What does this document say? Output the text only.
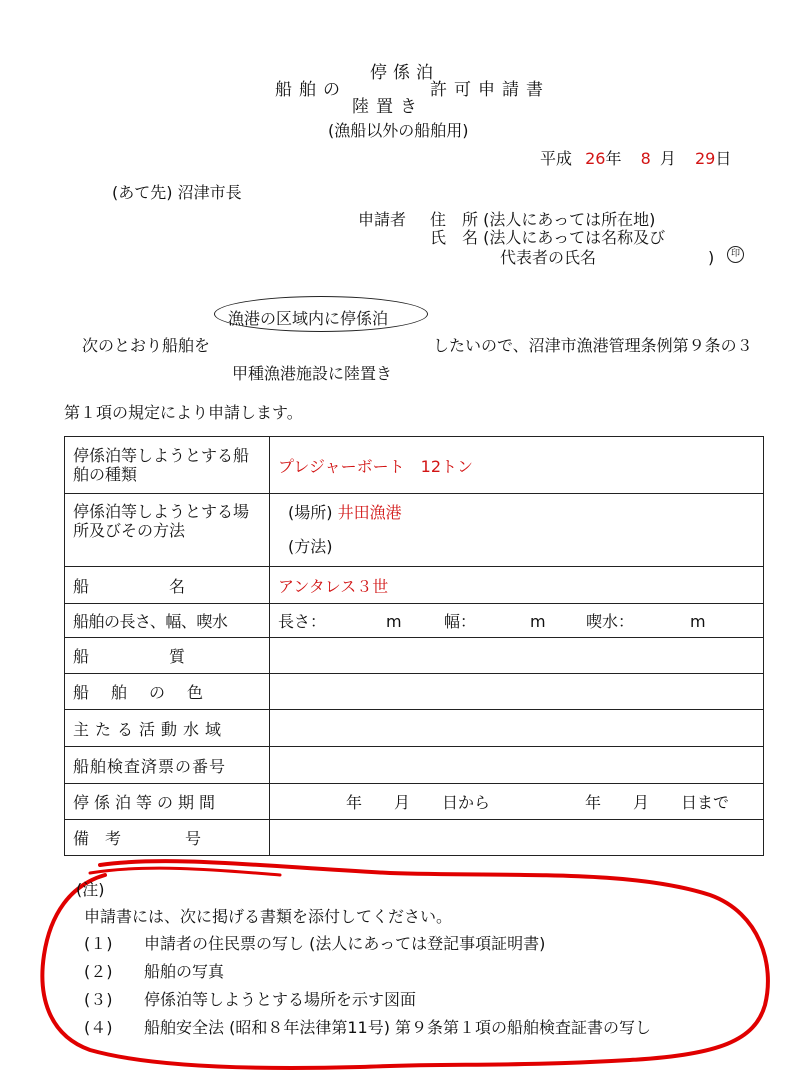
停係泊
船舶の	許可申請書
陸置き
(漁船以外の船舶用)
平成 26年 8 月 29日
(あて先) 沼津市長
申請者 住　所 (法人にあっては所在地)
氏　名 (法人にあっては名称及び
代表者の氏名　　　　　　　)	印
漁港の区域内に停係泊
次のとおり船舶を	したいので、沼津市漁港管理条例第９条の３
甲種漁港施設に陸置き
第１項の規定により申請します。
停係泊等しようとする船舶の種類	プレジャーボート　12トン
停係泊等しようとする場所及びその方法	(場所) 井田漁港
(方法)

船　　　　　名	アンタレス３世
船舶の長さ、幅、喫水	長さ： m 幅： m 喫水： m
船　　　　　質	
船　舶　の　色	
主たる活動水域	
船舶検査済票の番号	
停係泊等の期間	年　　月　　日から 年　　月　　日まで
備　考　　　　号	
(注)
申請書には、次に掲げる書類を添付してください。
(１) 申請者の住民票の写し (法人にあっては登記事項証明書)
(２) 船舶の写真
(３) 停係泊等しようとする場所を示す図面
(４) 船舶安全法 (昭和８年法律第11号) 第９条第１項の船舶検査証書の写し
